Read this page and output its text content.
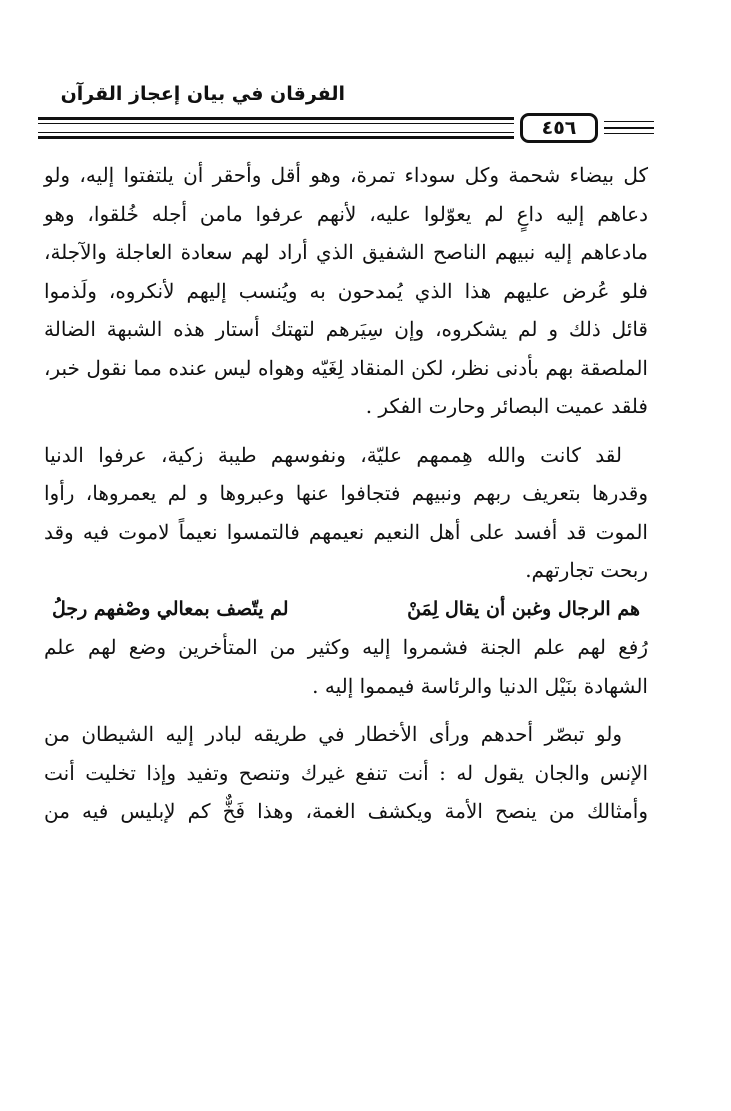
الفرقان في بيان إعجاز القرآن
٤٥٦
كل بيضاء شحمة وكل سوداء تمرة، وهو أقل وأحقر أن يلتفتوا إليه، ولو
دعاهم إليه داعٍ لم يعوّلوا عليه، لأنهم عرفوا مامن أجله خُلقوا، وهو
مادعاهم إليه نبيهم الناصح الشفيق الذي أراد لهم سعادة العاجلة والآجلة،
فلو عُرض عليهم هذا الذي يُمدحون به ويُنسب إليهم لأنكروه، ولَذموا
قائل ذلك و لم يشكروه، وإن سِيَرهم لتهتك أستار هذه الشبهة الضالة
الملصقة بهم بأدنى نظر، لكن المنقاد لِغَيّه وهواه ليس عنده مما نقول خبر،
فلقد عميت البصائر وحارت الفكر .
لقد كانت والله هِممهم عليّة، ونفوسهم طيبة زكية، عرفوا الدنيا
وقدرها بتعريف ربهم ونبيهم فتجافوا عنها وعبروها و لم يعمروها، رأوا
الموت قد أفسد على أهل النعيم نعيمهم فالتمسوا نعيماً لاموت فيه وقد
ربحت تجارتهم.
هم الرجال وغبن أن يقال لِمَنْ
لم يتّصف بمعالي وصْفهم رجلُ
رُفع لهم علم الجنة فشمروا إليه وكثير من المتأخرين وضع لهم علم
الشهادة بنَيْل الدنيا والرئاسة فيمموا إليه .
ولو تبصّر أحدهم ورأى الأخطار في طريقه لبادر إليه الشيطان من
الإنس والجان يقول له : أنت تنفع غيرك وتنصح وتفيد وإذا تخليت أنت
وأمثالك من ينصح الأمة ويكشف الغمة، وهذا فَخٌّ كم لإبليس فيه من
